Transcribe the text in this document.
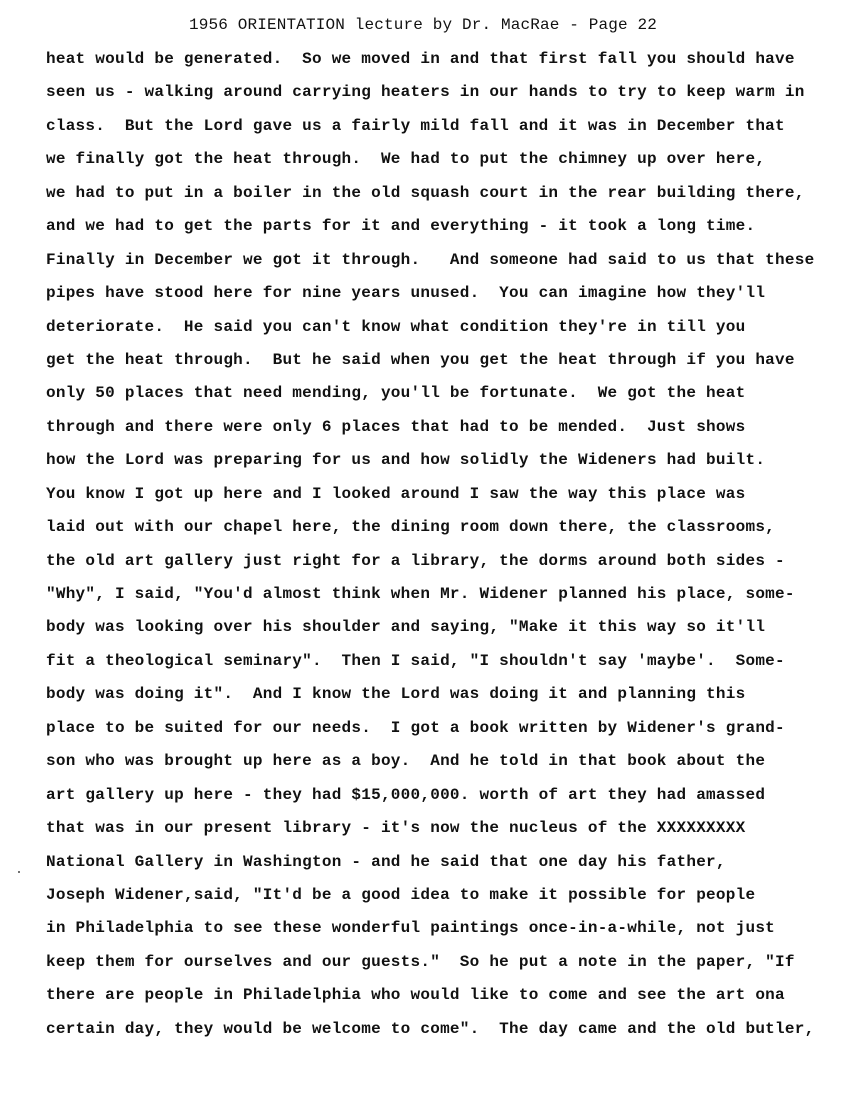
1956 ORIENTATION lecture by Dr. MacRae - Page 22
heat would be generated.  So we moved in and that first fall you should have
seen us - walking around carrying heaters in our hands to try to keep warm in
class.  But the Lord gave us a fairly mild fall and it was in December that
we finally got the heat through.  We had to put the chimney up over here,
we had to put in a boiler in the old squash court in the rear building there,
and we had to get the parts for it and everything - it took a long time.
Finally in December we got it through.   And someone had said to us that these
pipes have stood here for nine years unused.  You can imagine how they'll
deteriorate.  He said you can't know what condition they're in till you
get the heat through.  But he said when you get the heat through if you have
only 50 places that need mending, you'll be fortunate.  We got the heat
through and there were only 6 places that had to be mended.  Just shows
how the Lord was preparing for us and how solidly the Wideners had built.
You know I got up here and I looked around I saw the way this place was
laid out with our chapel here, the dining room down there, the classrooms,
the old art gallery just right for a library, the dorms around both sides -
"Why", I said, "You'd almost think when Mr. Widener planned his place, some-
body was looking over his shoulder and saying, "Make it this way so it'll
fit a theological seminary".  Then I said, "I shouldn't say 'maybe'.  Some-
body was doing it".  And I know the Lord was doing it and planning this
place to be suited for our needs.  I got a book written by Widener's grand-
son who was brought up here as a boy.  And he told in that book about the
art gallery up here - they had $15,000,000. worth of art they had amassed
that was in our present library - it's now the nucleus of the XXXXXXXXX
National Gallery in Washington - and he said that one day his father,
Joseph Widener,said, "It'd be a good idea to make it possible for people
in Philadelphia to see these wonderful paintings once-in-a-while, not just
keep them for ourselves and our guests."  So he put a note in the paper, "If
there are people in Philadelphia who would like to come and see the art ona
certain day, they would be welcome to come".  The day came and the old butler,
